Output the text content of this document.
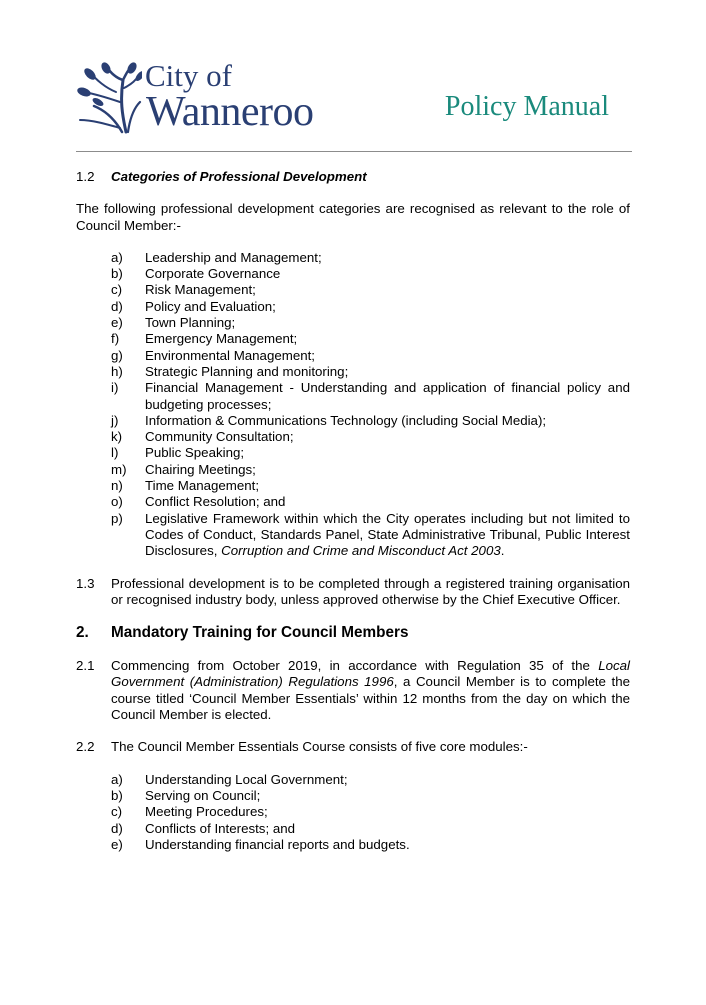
City of
Wanneroo	Policy Manual
1.2	Categories of Professional Development
The following professional development categories are recognised as relevant to the role of Council Member:-
a)	Leadership and Management;
b)	Corporate Governance
c)	Risk Management;
d)	Policy and Evaluation;
e)	Town Planning;
f)	Emergency Management;
g)	Environmental Management;
h)	Strategic Planning and monitoring;
i)	Financial Management - Understanding and application of financial policy and budgeting processes;
j)	Information & Communications Technology (including Social Media);
k)	Community Consultation;
l)	Public Speaking;
m)	Chairing Meetings;
n)	Time Management;
o)	Conflict Resolution; and
p)	Legislative Framework within which the City operates including but not limited to Codes of Conduct, Standards Panel, State Administrative Tribunal, Public Interest Disclosures, Corruption and Crime and Misconduct Act 2003.
1.3	Professional development is to be completed through a registered training organisation or recognised industry body, unless approved otherwise by the Chief Executive Officer.
2.	Mandatory Training for Council Members
2.1	Commencing from October 2019, in accordance with Regulation 35 of the Local Government (Administration) Regulations 1996, a Council Member is to complete the course titled ‘Council Member Essentials’ within 12 months from the day on which the Council Member is elected.
2.2	The Council Member Essentials Course consists of five core modules:-
a)	Understanding Local Government;
b)	Serving on Council;
c)	Meeting Procedures;
d)	Conflicts of Interests; and
e)	Understanding financial reports and budgets.
